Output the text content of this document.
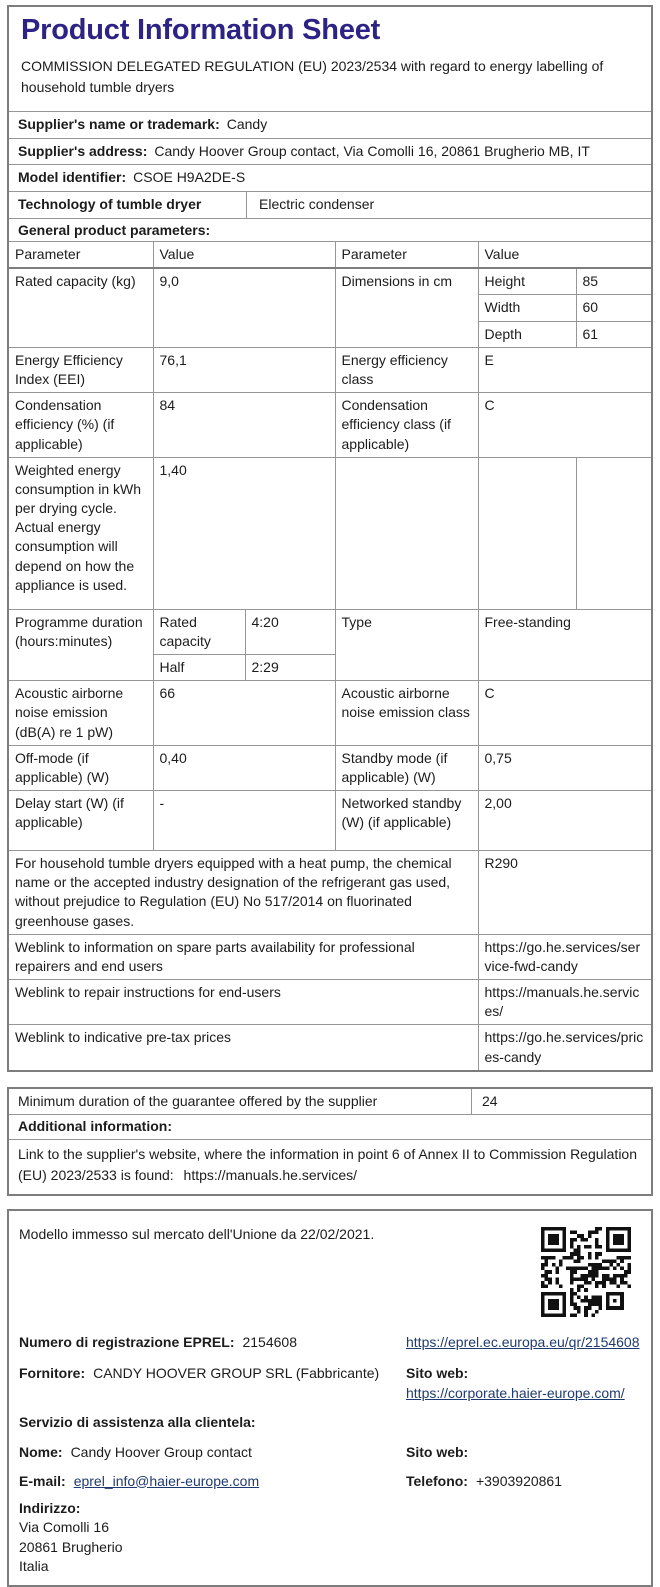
Product Information Sheet

COMMISSION DELEGATED REGULATION (EU) 2023/2534 with regard to energy labelling of household tumble dryers

Supplier's name or trademark: Candy
Supplier's address: Candy Hoover Group contact, Via Comolli 16, 20861 Brugherio MB, IT
Model identifier: CSOE H9A2DE-S
Technology of tumble dryer	Electric condenser
General product parameters:
Parameter	Value		Parameter	Value	
Rated capacity (kg)	9,0		Dimensions in cm	Height	85
				Width	60
				Depth	61
Energy Efficiency Index (EEI)	76,1		Energy efficiency class	E	
Condensation efficiency (%) (if applicable)	84		Condensation efficiency class (if applicable)	C	
Weighted energy consumption in kWh per drying cycle. Actual energy consumption will depend on how the appliance is used.	1,40				
Programme duration (hours:minutes)	Rated capacity	4:20	Type	Free-standing	
	Half	2:29			
Acoustic airborne noise emission (dB(A) re 1 pW)	66		Acoustic airborne noise emission class	C	
Off-mode (if applicable) (W)	0,40		Standby mode (if applicable) (W)	0,75	
Delay start (W) (if applicable)	-		Networked standby (W) (if applicable)	2,00	
For household tumble dryers equipped with a heat pump, the chemical name or the accepted industry designation of the refrigerant gas used, without prejudice to Regulation (EU) No 517/2014 on fluorinated greenhouse gases.				R290	
Weblink to information on spare parts availability for professional repairers and end users				https://go.he.services/service-fwd-candy	
Weblink to repair instructions for end-users				https://manuals.he.services/	
Weblink to indicative pre-tax prices				https://go.he.services/prices-candy	
Minimum duration of the guarantee offered by the supplier	24
Additional information:
Link to the supplier's website, where the information in point 6 of Annex II to Commission Regulation (EU) 2023/2533 is found: https://manuals.he.services/
Modello immesso sul mercato dell'Unione da 22/02/2021.
Numero di registrazione EPREL: 2154608	https://eprel.ec.europa.eu/qr/2154608
Fornitore: CANDY HOOVER GROUP SRL (Fabbricante)	Sito web:https://corporate.haier-europe.com/
Servizio di assistenza alla clientela:
Nome: Candy Hoover Group contact	Sito web:
E-mail: eprel_info@haier-europe.com	Telefono: +3903920861
Indirizzo:
Via Comolli 16
20861 Brugherio
Italia
